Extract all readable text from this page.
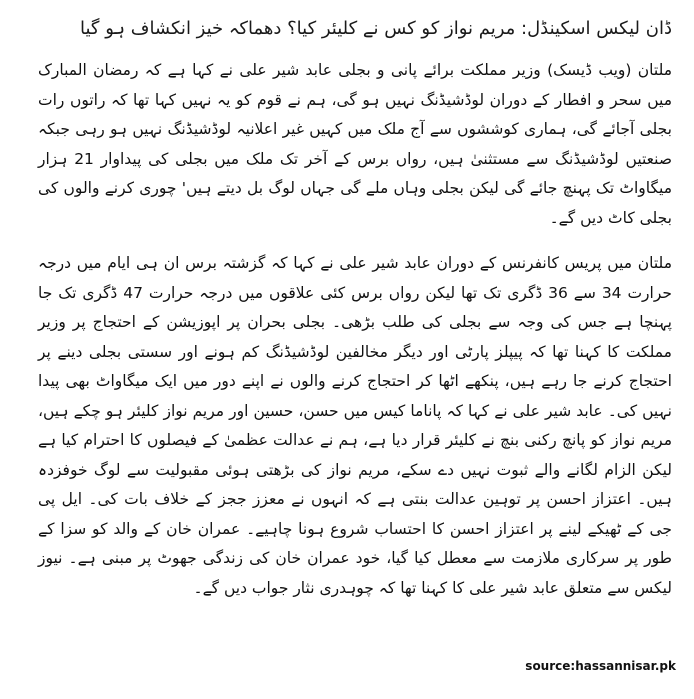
ڈان لیکس اسکینڈل: مریم نواز کو کس نے کلیئر کیا؟ دھماکہ خیز انکشاف ہو گیا

ملتان (ویب ڈیسک) وزیر مملکت برائے پانی و بجلی عابد شیر علی نے کہا ہے کہ رمضان المبارک میں سحر و افطار کے دوران لوڈشیڈنگ نہیں ہو گی، ہم نے قوم کو یہ نہیں کہا تھا کہ راتوں رات بجلی آجائے گی، ہماری کوششوں سے آج ملک میں کہیں غیر اعلانیہ لوڈشیڈنگ نہیں ہو رہی جبکہ صنعتیں لوڈشیڈنگ سے مستثنیٰ ہیں، رواں برس کے آخر تک ملک میں بجلی کی پیداوار 21 ہزار میگاواٹ تک پہنچ جائے گی لیکن بجلی وہاں ملے گی جہاں لوگ بل دیتے ہیں' چوری کرنے والوں کی بجلی کاٹ دیں گے۔

ملتان میں پریس کانفرنس کے دوران عابد شیر علی نے کہا کہ گزشتہ برس ان ہی ایام میں درجہ حرارت 34 سے 36 ڈگری تک تھا لیکن رواں برس کئی علاقوں میں درجہ حرارت 47 ڈگری تک جا پہنچا ہے جس کی وجہ سے بجلی کی طلب بڑھی۔ بجلی بحران پر اپوزیشن کے احتجاج پر وزیر مملکت کا کہنا تھا کہ پیپلز پارٹی اور دیگر مخالفین لوڈشیڈنگ کم ہونے اور سستی بجلی دینے پر احتجاج کرنے جا رہے ہیں، پنکھے اٹھا کر احتجاج کرنے والوں نے اپنے دور میں ایک میگاواٹ بھی پیدا نہیں کی۔ عابد شیر علی نے کہا کہ پاناما کیس میں حسن، حسین اور مریم نواز کلیئر ہو چکے ہیں، مریم نواز کو پانچ رکنی بنچ نے کلیئر قرار دیا ہے، ہم نے عدالت عظمیٰ کے فیصلوں کا احترام کیا ہے لیکن الزام لگانے والے ثبوت نہیں دے سکے، مریم نواز کی بڑھتی ہوئی مقبولیت سے لوگ خوفزدہ ہیں۔ اعتزاز احسن پر توہین عدالت بنتی ہے کہ انہوں نے معزز ججز کے خلاف بات کی۔ ایل پی جی کے ٹھیکے لینے پر اعتزاز احسن کا احتساب شروع ہونا چاہیے۔ عمران خان کے والد کو سزا کے طور پر سرکاری ملازمت سے معطل کیا گیا، خود عمران خان کی زندگی جھوٹ پر مبنی ہے۔ نیوز لیکس سے متعلق عابد شیر علی کا کہنا تھا کہ چوہدری نثار جواب دیں گے۔

source:hassannisar.pk
